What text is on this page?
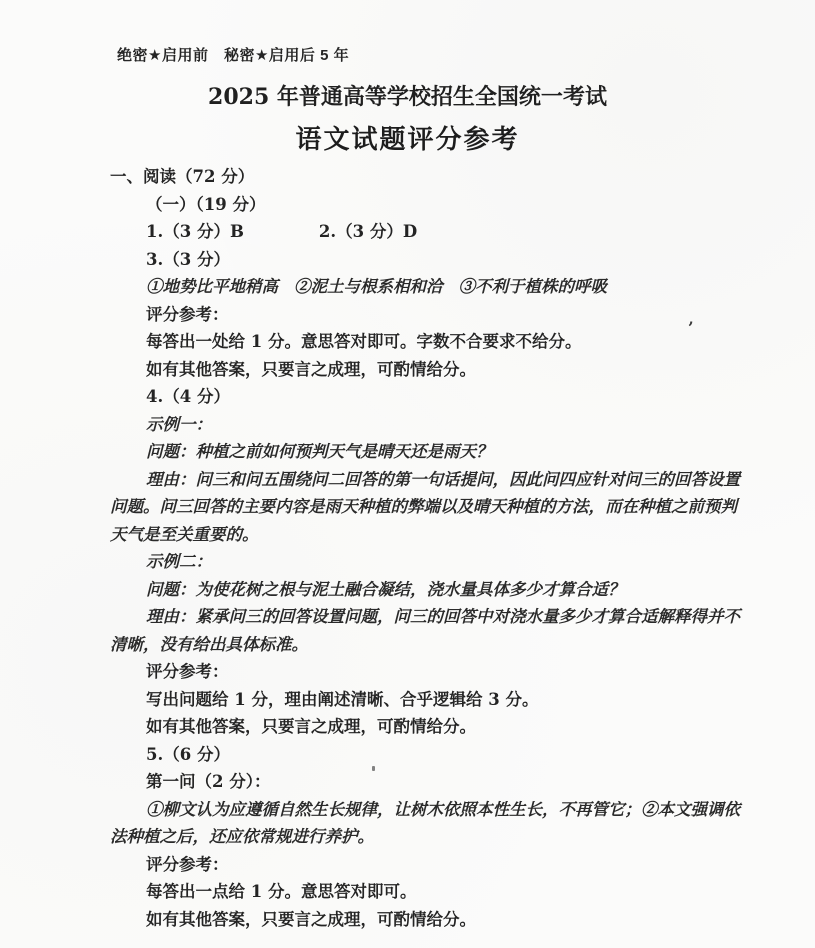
绝密★启用前　秘密★启用后 5 年
2025 年普通高等学校招生全国统一考试
语文试题评分参考
一、阅读（72 分）
（一）（19 分）
1.（3 分）B	2.（3 分）D
3.（3 分）
①地势比平地稍高 ②泥土与根系相和洽 ③不利于植株的呼吸
评分参考：
每答出一处给 1 分。意思答对即可。字数不合要求不给分。
如有其他答案，只要言之成理，可酌情给分。
4.（4 分）
示例一：
问题：种植之前如何预判天气是晴天还是雨天？
理由：问三和问五围绕问二回答的第一句话提问，因此问四应针对问三的回答设置
问题。问三回答的主要内容是雨天种植的弊端以及晴天种植的方法，而在种植之前预判
天气是至关重要的。
示例二：
问题：为使花树之根与泥土融合凝结，浇水量具体多少才算合适？
理由：紧承问三的回答设置问题，问三的回答中对浇水量多少才算合适解释得并不
清晰，没有给出具体标准。
评分参考：
写出问题给 1 分，理由阐述清晰、合乎逻辑给 3 分。
如有其他答案，只要言之成理，可酌情给分。
5.（6 分）
第一问（2 分）：
①柳文认为应遵循自然生长规律，让树木依照本性生长，不再管它；②本文强调依
法种植之后，还应依常规进行养护。
评分参考：
每答出一点给 1 分。意思答对即可。
如有其他答案，只要言之成理，可酌情给分。
’
